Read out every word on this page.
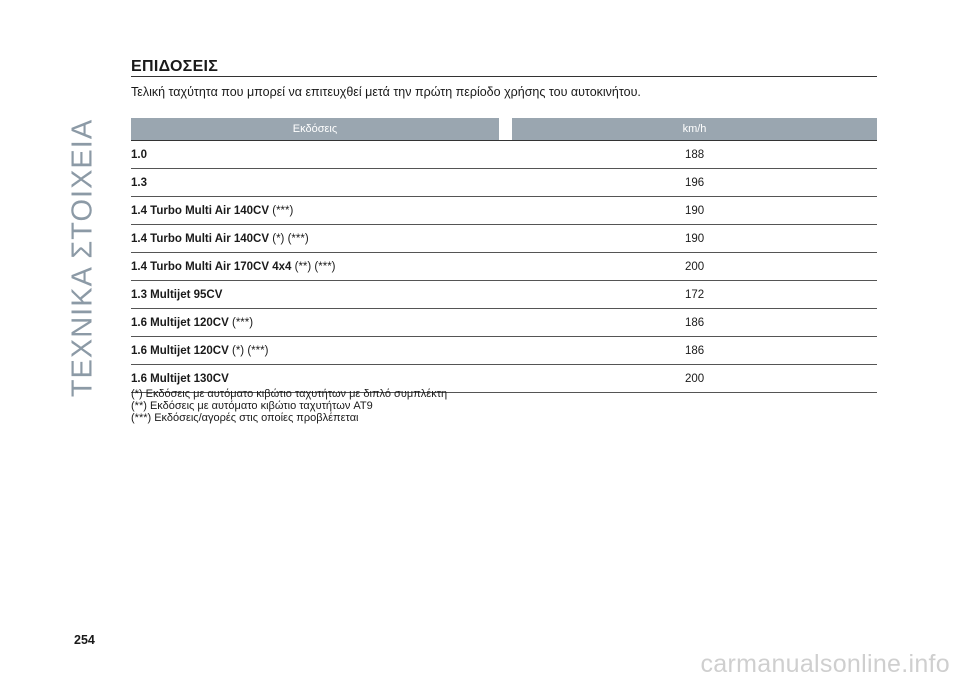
ΤΕΧΝΙΚΑ ΣΤΟΙΧΕΙΑ
ΕΠΙΔΟΣΕΙΣ
Τελική ταχύτητα που μπορεί να επιτευχθεί μετά την πρώτη περίοδο χρήσης του αυτοκινήτου.
Εκδόσεις	km/h
1.0	188
1.3	196
1.4 Turbo Multi Air 140CV (***)	190
1.4 Turbo Multi Air 140CV (*) (***)	190
1.4 Turbo Multi Air 170CV 4x4 (**) (***)	200
1.3 Multijet 95CV	172
1.6 Multijet 120CV (***)	186
1.6 Multijet 120CV (*) (***)	186
1.6 Multijet 130CV	200
(*) Εκδόσεις με αυτόματο κιβώτιο ταχυτήτων με διπλό συμπλέκτη
(**) Εκδόσεις με αυτόματο κιβώτιο ταχυτήτων AT9
(***) Εκδόσεις/αγορές στις οποίες προβλέπεται
254
carmanualsonline.info
